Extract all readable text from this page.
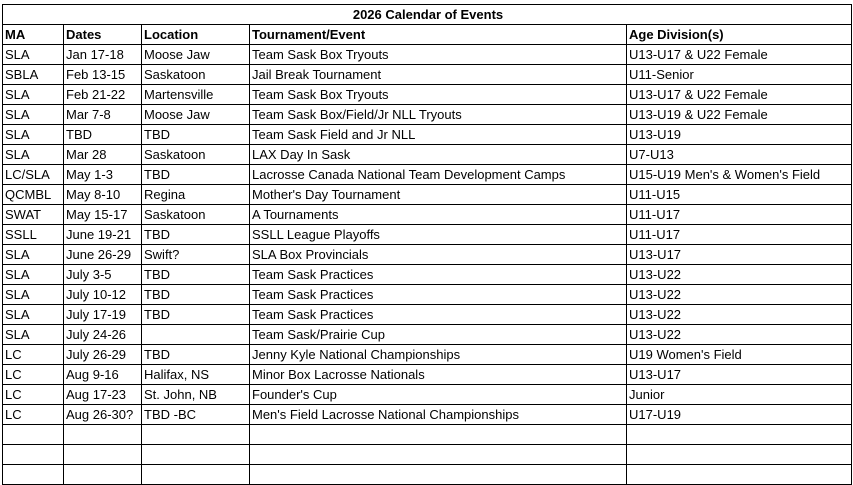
2026 Calendar of Events				
MA	Dates	Location	Tournament/Event	Age Division(s)
SLA	Jan 17-18	Moose Jaw	Team Sask Box Tryouts	U13-U17 & U22 Female
SBLA	Feb 13-15	Saskatoon	Jail Break Tournament	U11-Senior
SLA	Feb 21-22	Martensville	Team Sask Box Tryouts	U13-U17 & U22 Female
SLA	Mar 7-8	Moose Jaw	Team Sask Box/Field/Jr NLL Tryouts	U13-U19 & U22 Female
SLA	TBD	TBD	Team Sask Field and Jr NLL	U13-U19
SLA	Mar 28	Saskatoon	LAX Day In Sask	U7-U13
LC/SLA	May 1-3	TBD	Lacrosse Canada National Team Development Camps	U15-U19 Men's & Women's Field
QCMBL	May 8-10	Regina	Mother's Day Tournament	U11-U15
SWAT	May 15-17	Saskatoon	A Tournaments	U11-U17
SSLL	June 19-21	TBD	SSLL League Playoffs	U11-U17
SLA	June 26-29	Swift?	SLA Box Provincials	U13-U17
SLA	July 3-5	TBD	Team Sask Practices	U13-U22
SLA	July 10-12	TBD	Team Sask Practices	U13-U22
SLA	July 17-19	TBD	Team Sask Practices	U13-U22
SLA	July 24-26		Team Sask/Prairie Cup	U13-U22
LC	July 26-29	TBD	Jenny Kyle National Championships	U19 Women's Field
LC	Aug 9-16	Halifax, NS	Minor Box Lacrosse Nationals	U13-U17
LC	Aug 17-23	St. John, NB	Founder's Cup	Junior
LC	Aug 26-30?	TBD -BC	Men's Field Lacrosse National Championships	U17-U19
